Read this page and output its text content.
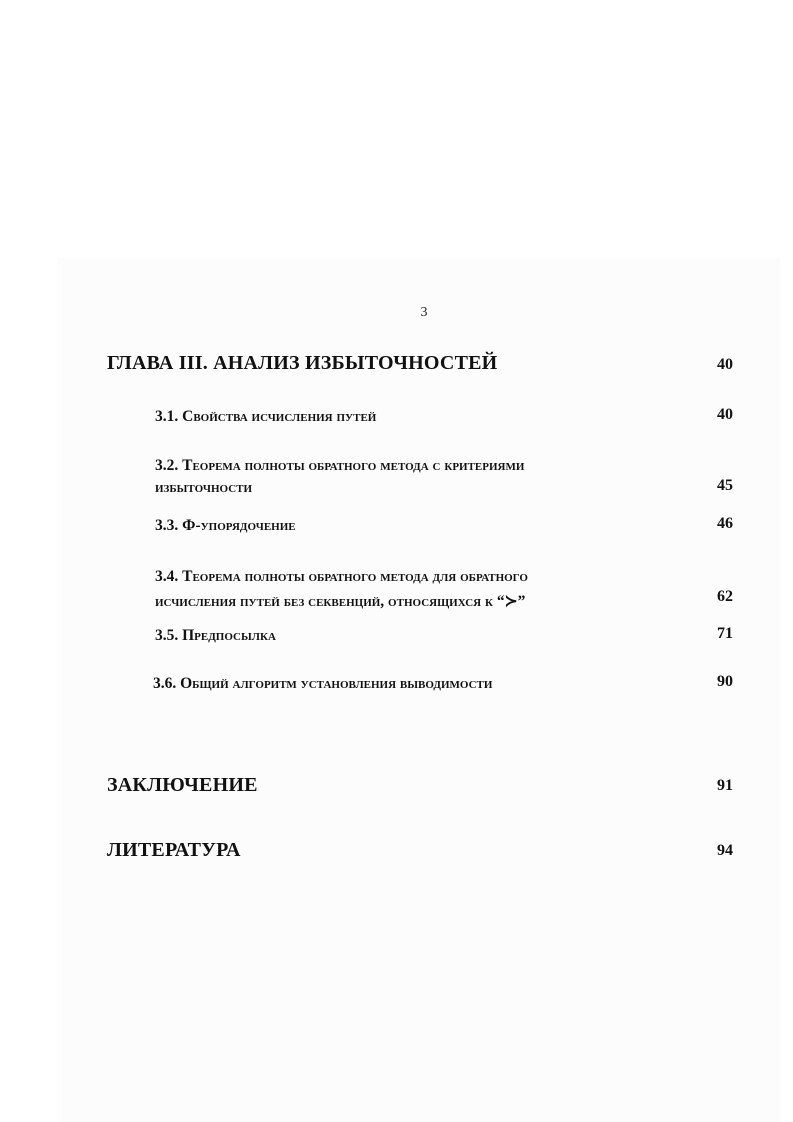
3
ГЛАВА III. АНАЛИЗ ИЗБЫТОЧНОСТЕЙ	40
3.1. Свойства исчисления путей	40
3.2. Теорема полноты обратного метода с критериями
избыточности	45
3.3. Ф-упорядочение	46
3.4. Теорема полноты обратного метода для обратного
исчисления путей без секвенций, относящихся к “≻”	62
3.5. Предпосылка	71
3.6. Общий алгоритм установления выводимости	90
ЗАКЛЮЧЕНИЕ	91
ЛИТЕРАТУРА	94
